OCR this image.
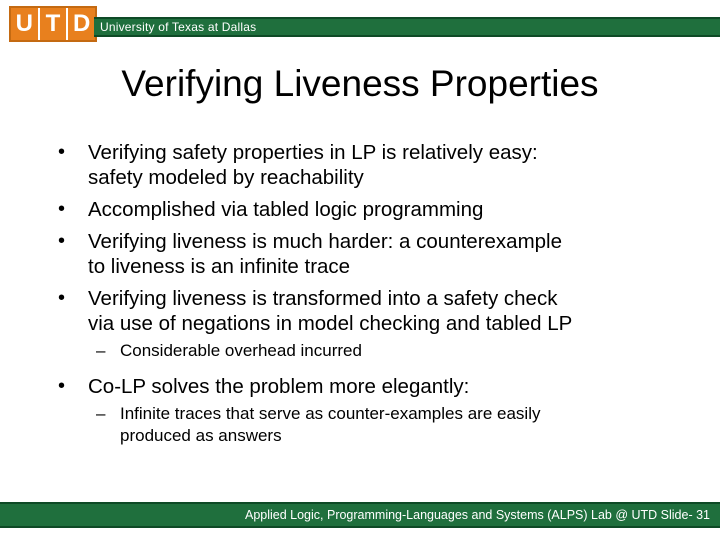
U T D University of Texas at Dallas
Verifying Liveness Properties
•	Verifying safety properties in LP is relatively easy:
safety modeled by reachability
•	Accomplished via tabled logic programming
•	Verifying liveness is much harder: a counterexample
to liveness is an infinite trace
•	Verifying liveness is transformed into a safety check
via use of negations in model checking and tabled LP
– Considerable overhead incurred
•	Co-LP solves the problem more elegantly:
– Infinite traces that serve as counter-examples are easily
produced as answers
Applied Logic, Programming-Languages and Systems (ALPS) Lab @ UTD Slide- 31
